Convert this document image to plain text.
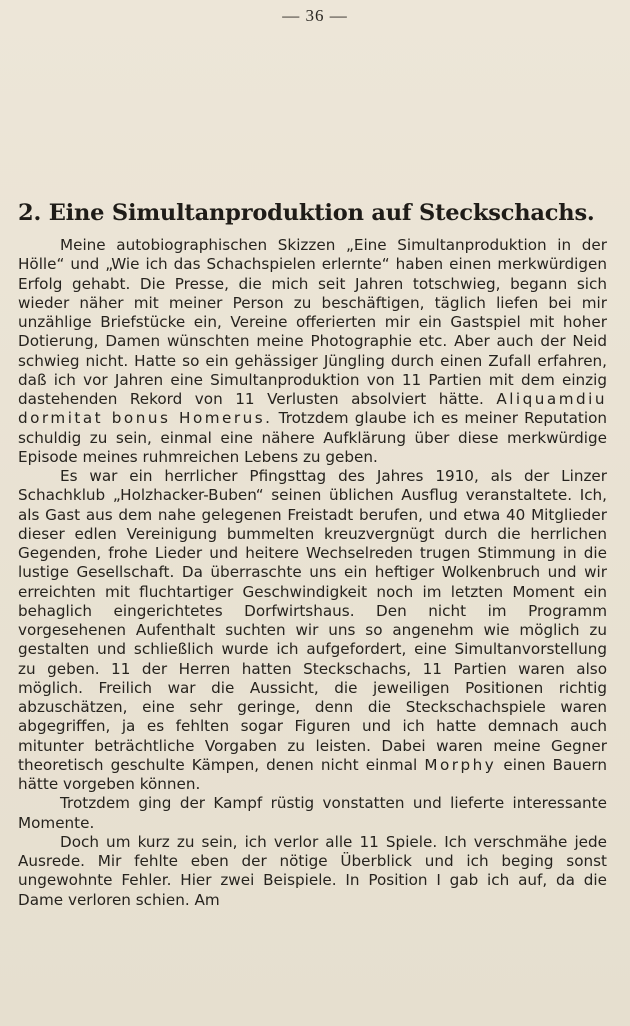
— 36 —
2. Eine Simultanproduktion auf Steckschachs.

Meine autobiographischen Skizzen „Eine Simultanproduktion in der Hölle“ und „Wie ich das Schachspielen erlernte“ haben einen merkwürdigen Erfolg gehabt. Die Presse, die mich seit Jahren totschwieg, begann sich wieder näher mit meiner Person zu beschäftigen, täglich liefen bei mir unzählige Briefstücke ein, Vereine offerierten mir ein Gastspiel mit hoher Dotierung, Damen wünschten meine Photographie etc. Aber auch der Neid schwieg nicht. Hatte so ein gehässiger Jüngling durch einen Zufall erfahren, daß ich vor Jahren eine Simultanproduktion von 11 Partien mit dem einzig dastehenden Rekord von 11 Verlusten absolviert hätte. Aliquamdiu dormitat bonus Homerus. Trotzdem glaube ich es meiner Reputation schuldig zu sein, einmal eine nähere Aufklärung über diese merkwürdige Episode meines ruhmreichen Lebens zu geben.

Es war ein herrlicher Pfingsttag des Jahres 1910, als der Linzer Schachklub „Holzhacker-Buben“ seinen üblichen Ausflug veranstaltete. Ich, als Gast aus dem nahe gelegenen Freistadt berufen, und etwa 40 Mitglieder dieser edlen Vereinigung bummelten kreuzvergnügt durch die herrlichen Gegenden, frohe Lieder und heitere Wechselreden trugen Stimmung in die lustige Gesellschaft. Da überraschte uns ein heftiger Wolkenbruch und wir erreichten mit fluchtartiger Geschwindigkeit noch im letzten Moment ein behaglich eingerichtetes Dorfwirtshaus. Den nicht im Programm vorgesehenen Aufenthalt suchten wir uns so angenehm wie möglich zu gestalten und schließlich wurde ich aufgefordert, eine Simultanvorstellung zu geben. 11 der Herren hatten Steckschachs, 11 Partien waren also möglich. Freilich war die Aussicht, die jeweiligen Positionen richtig abzuschätzen, eine sehr geringe, denn die Steckschachspiele waren abgegriffen, ja es fehlten sogar Figuren und ich hatte demnach auch mitunter beträchtliche Vorgaben zu leisten. Dabei waren meine Gegner theoretisch geschulte Kämpen, denen nicht einmal Morphy einen Bauern hätte vorgeben können.

Trotzdem ging der Kampf rüstig vonstatten und lieferte interessante Momente.

Doch um kurz zu sein, ich verlor alle 11 Spiele. Ich verschmähe jede Ausrede. Mir fehlte eben der nötige Überblick und ich beging sonst ungewohnte Fehler. Hier zwei Beispiele. In Position I gab ich auf, da die Dame verloren schien. Am
